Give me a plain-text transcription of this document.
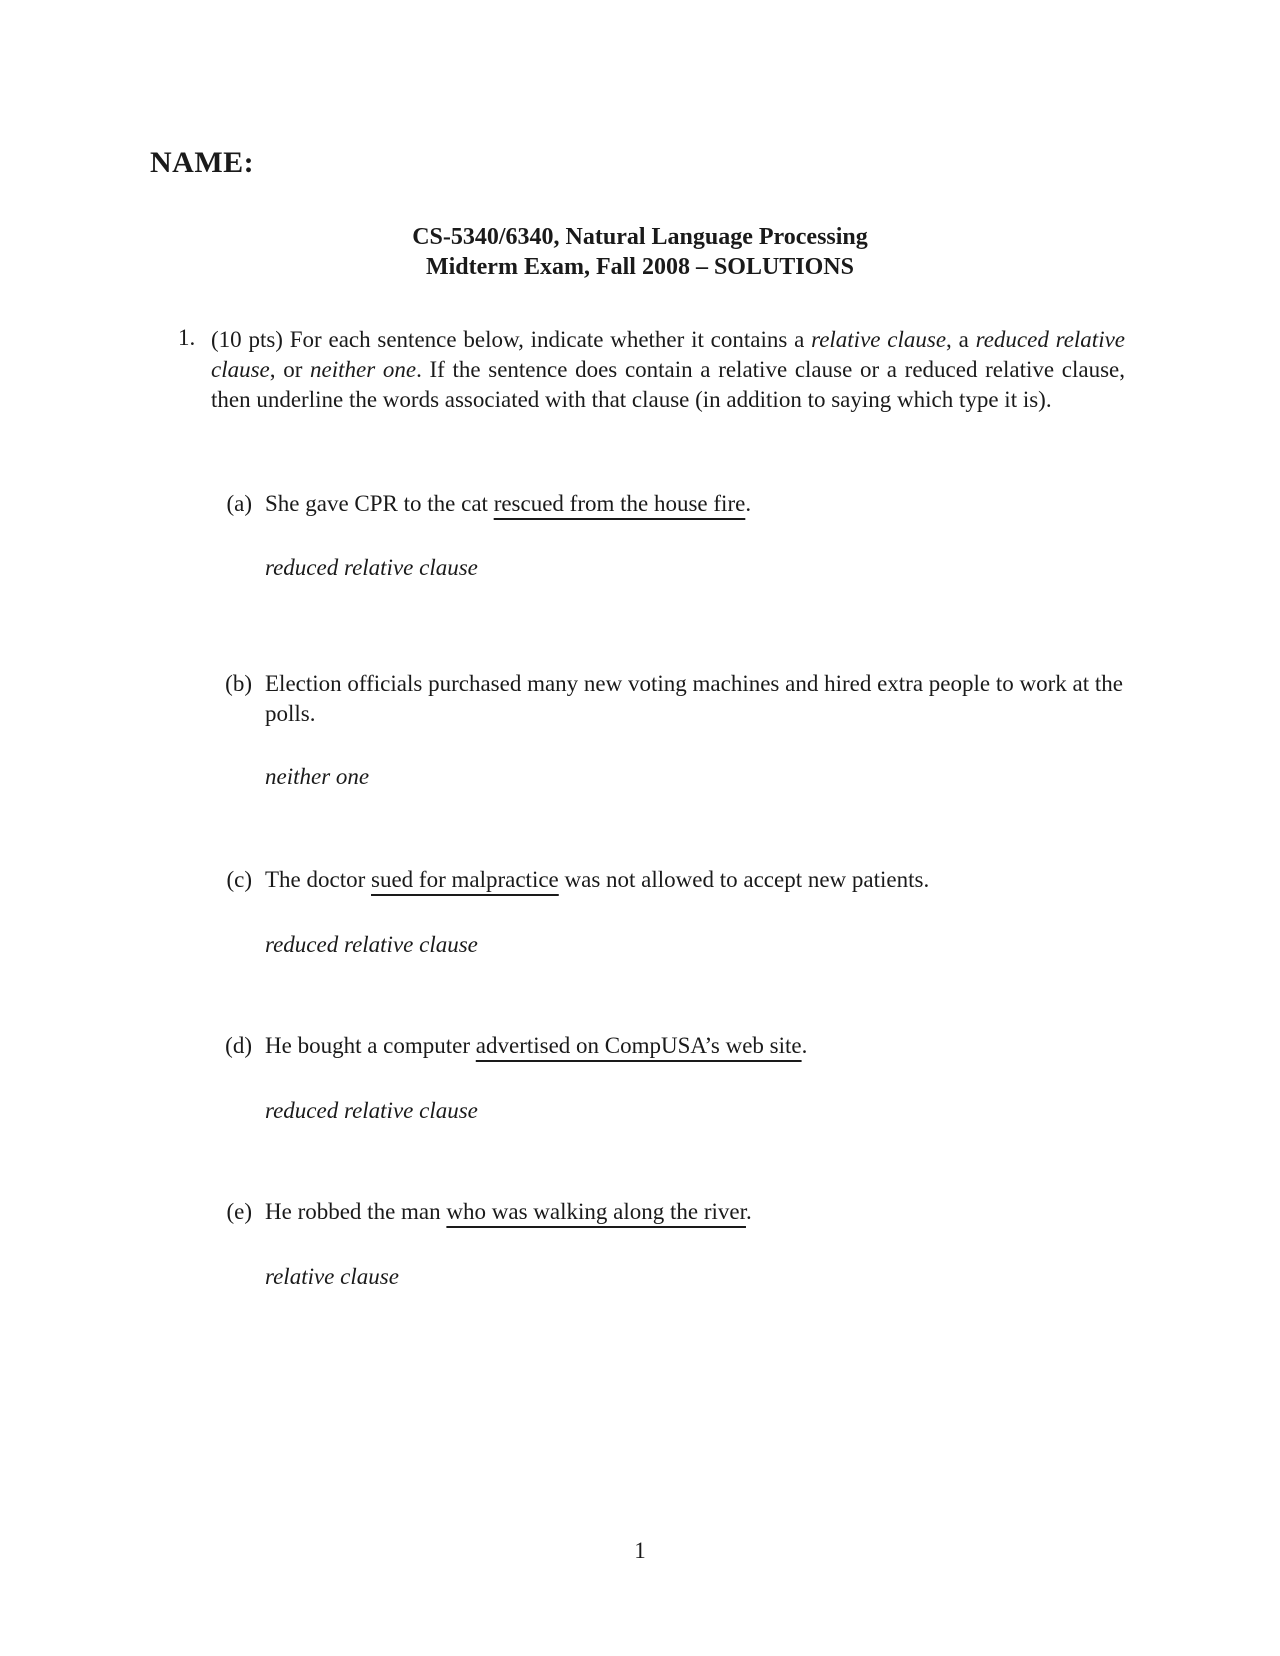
NAME:
CS-5340/6340, Natural Language Processing
Midterm Exam, Fall 2008 – SOLUTIONS
1. (10 pts) For each sentence below, indicate whether it contains a relative clause, a reduced relative clause, or neither one. If the sentence does contain a relative clause or a reduced relative clause, then underline the words associated with that clause (in addition to saying which type it is).
(a) She gave CPR to the cat rescued from the house fire.
reduced relative clause
(b) Election officials purchased many new voting machines and hired extra people to work at the polls.
neither one
(c) The doctor sued for malpractice was not allowed to accept new patients.
reduced relative clause
(d) He bought a computer advertised on CompUSA’s web site.
reduced relative clause
(e) He robbed the man who was walking along the river.
relative clause
1
